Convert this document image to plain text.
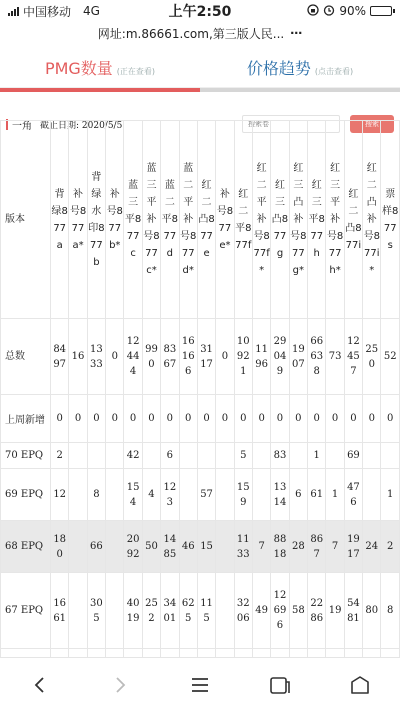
中国移动 4G	上午2:50	90%
网址:m.86661.com,第三版人民... ⋯
PMG数量 (正在查看)	价格趋势 (点击查看)
一角 截止日期: 2020/5/5
搜索卷	搜索
版本	背绿877a	补号877a*	背绿水印877b	补号877b*	蓝三平877c	蓝三平补号877c*	蓝二平877d	蓝二平补号877d*	红二凸877e	补号877e*	红二平877f	红二平补号877f*	红三凸877g	红三凸补号877g*	红三平877h	红三平补号877h*	红二凸877i	红二凸补号877i*	票样877s
总数	8497	16	1333	0	12444	990	8367	16166	3117	0	10921	1196	29049	1907	66638	73	12457	250	52
上周新增	0	0	0	0	0	0	0	0	0	0	0	0	0	0	0	0	0	0	0
70 EPQ	2				42		6				5		83		1		69		
69 EPQ	12		8		154	4	123		57		159		1314	6	61	1	476		1
68 EPQ	180		66		2092	50	1485	46	15		1133	7	8818	28	867	7	1917	24	2
67 EPQ	1661		305		4019	252	3401	625	115		3206	49	12696	58	2286	19	5481	80	8
